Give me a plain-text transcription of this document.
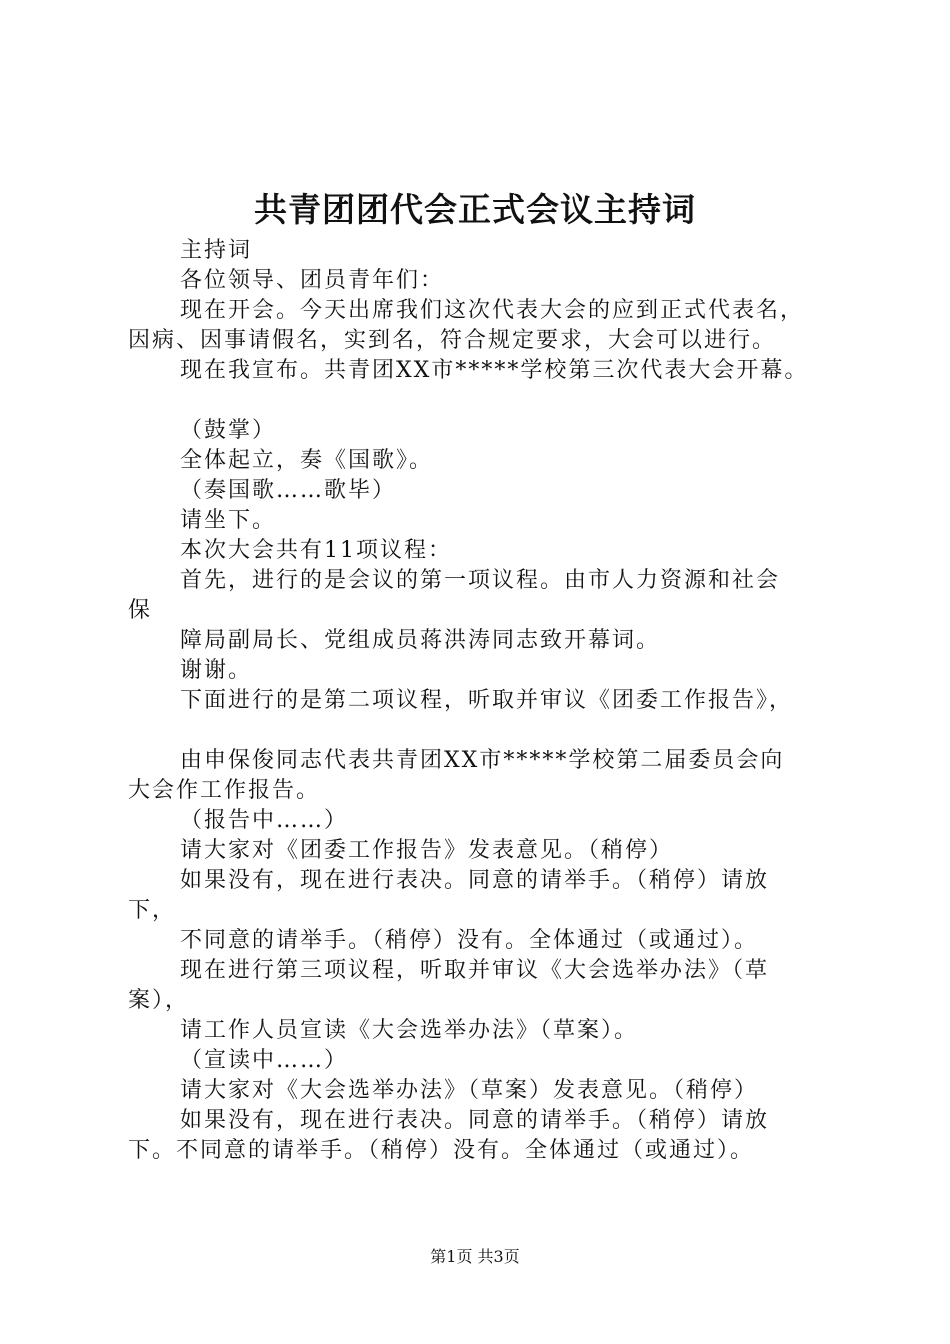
共青团团代会正式会议主持词
主持词
各位领导、团员青年们：
现在开会。今天出席我们这次代表大会的应到正式代表名，
因病、因事请假名，实到名，符合规定要求，大会可以进行。
现在我宣布。共青团XX市*****学校第三次代表大会开幕。
（鼓掌）
全体起立，奏《国歌》。
（奏国歌……歌毕）
请坐下。
本次大会共有11项议程：
首先，进行的是会议的第一项议程。由市人力资源和社会
保
障局副局长、党组成员蒋洪涛同志致开幕词。
谢谢。
下面进行的是第二项议程，听取并审议《团委工作报告》，
由申保俊同志代表共青团XX市*****学校第二届委员会向
大会作工作报告。
（报告中……）
请大家对《团委工作报告》发表意见。（稍停）
如果没有，现在进行表决。同意的请举手。（稍停）请放
下，
不同意的请举手。（稍停）没有。全体通过（或通过）。
现在进行第三项议程，听取并审议《大会选举办法》（草
案），
请工作人员宣读《大会选举办法》（草案）。
（宣读中……）
请大家对《大会选举办法》（草案）发表意见。（稍停）
如果没有，现在进行表决。同意的请举手。（稍停）请放
下。不同意的请举手。（稍停）没有。全体通过（或通过）。
第1页 共3页
